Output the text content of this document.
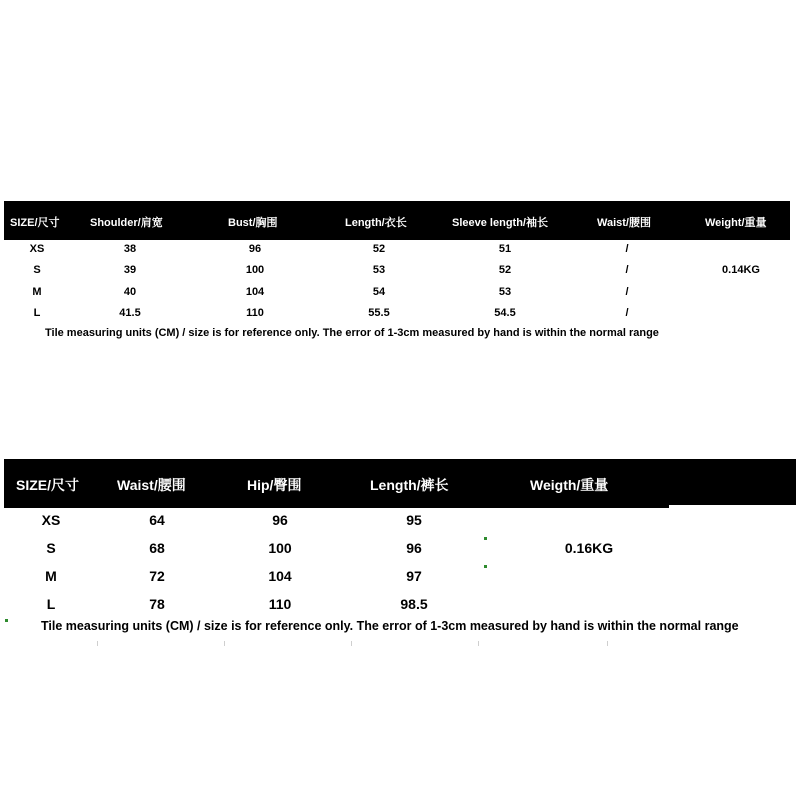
SIZE/尺寸	Shoulder/肩宽	Bust/胸围	Length/衣长	Sleeve length/袖长	Waist/腰围	Weight/重量
XS	38	96	52	51	/
S	39	100	53	52	/
M	40	104	54	53	/
L	41.5	110	55.5	54.5	/
0.14KG
Tile measuring units (CM) / size is for reference only. The error of 1-3cm measured by hand is within the normal range
SIZE/尺寸	Waist/腰围	Hip/臀围	Length/裤长	Weigth/重量
XS	64	96	95
S	68	100	96
M	72	104	97
L	78	110	98.5
0.16KG
Tile measuring units (CM) / size is for reference only. The error of 1-3cm measured by hand is within the normal range
